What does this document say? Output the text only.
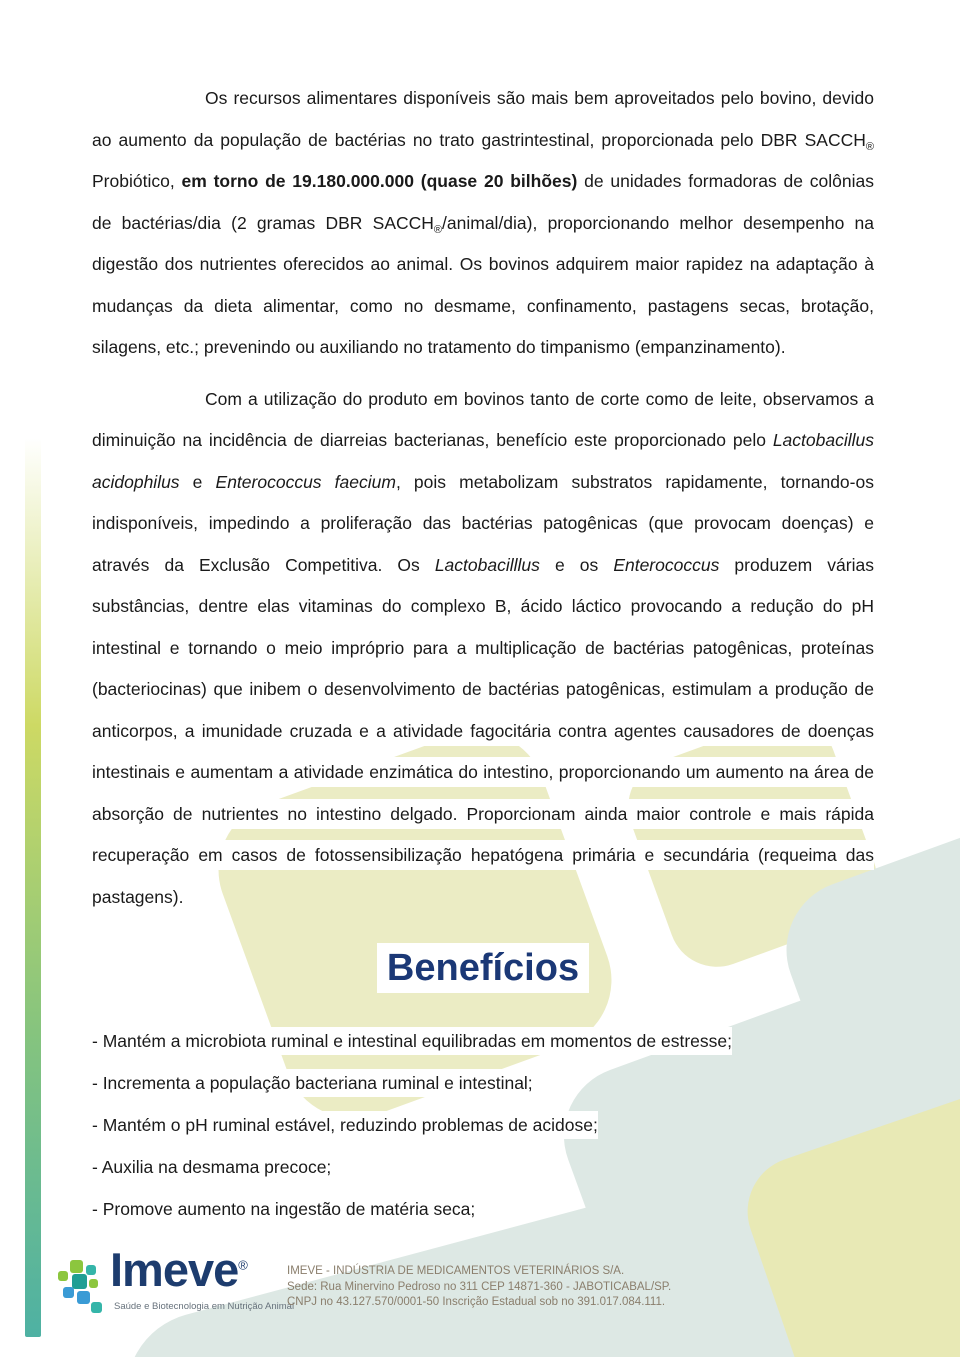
Os recursos alimentares disponíveis são mais bem aproveitados pelo bovino, devido ao aumento da população de bactérias no trato gastrintestinal, proporcionada pelo DBR $SACCH_®$ Probiótico, em torno de 19.180.000.000 (quase 20 bilhões) de unidades formadoras de colônias de bactérias/dia (2 gramas DBR $SACCH_®/animal/dia$), proporcionando melhor desempenho na digestão dos nutrientes oferecidos ao animal. Os bovinos adquirem maior rapidez na adaptação à mudanças da dieta alimentar, como no desmame, confinamento, pastagens secas, brotação, silagens, etc.; prevenindo ou auxiliando no tratamento do timpanismo (empanzinamento).

Com a utilização do produto em bovinos tanto de corte como de leite, observamos a diminuição na incidência de diarreias bacterianas, benefício este proporcionado pelo Lactobacillus acidophilus e Enterococcus faecium, pois metabolizam substratos rapidamente, tornando-os indisponíveis, impedindo a proliferação das bactérias patogênicas (que provocam doenças) e através da Exclusão Competitiva. Os Lactobacilllus e os Enterococcus produzem várias substâncias, dentre elas vitaminas do complexo B, ácido láctico provocando a redução do pH intestinal e tornando o meio impróprio para a multiplicação de bactérias patogênicas, proteínas (bacteriocinas) que inibem o desenvolvimento de bactérias patogênicas, estimulam a produção de anticorpos, a imunidade cruzada e a atividade fagocitária contra agentes causadores de doenças intestinais e aumentam a atividade enzimática do intestino, proporcionando um aumento na área de absorção de nutrientes no intestino delgado. Proporcionam ainda maior controle e mais rápida recuperação em casos de fotossensibilização hepatógena primária e secundária (requeima das pastagens).

Benefícios
- Mantém a microbiota ruminal e intestinal equilibradas em momentos de estresse;
- Incrementa a população bacteriana ruminal e intestinal;
- Mantém o pH ruminal estável, reduzindo problemas de acidose;
- Auxilia na desmama precoce;
- Promove aumento na ingestão de matéria seca;
Imeve®
Saúde e Biotecnologia em Nutrição Animal
IMEVE - INDÚSTRIA DE MEDICAMENTOS VETERINÁRIOS S/A.
Sede: Rua Minervino Pedroso no 311 CEP 14871-360 - JABOTICABAL/SP.
CNPJ no 43.127.570/0001-50 Inscrição Estadual sob no 391.017.084.111.
